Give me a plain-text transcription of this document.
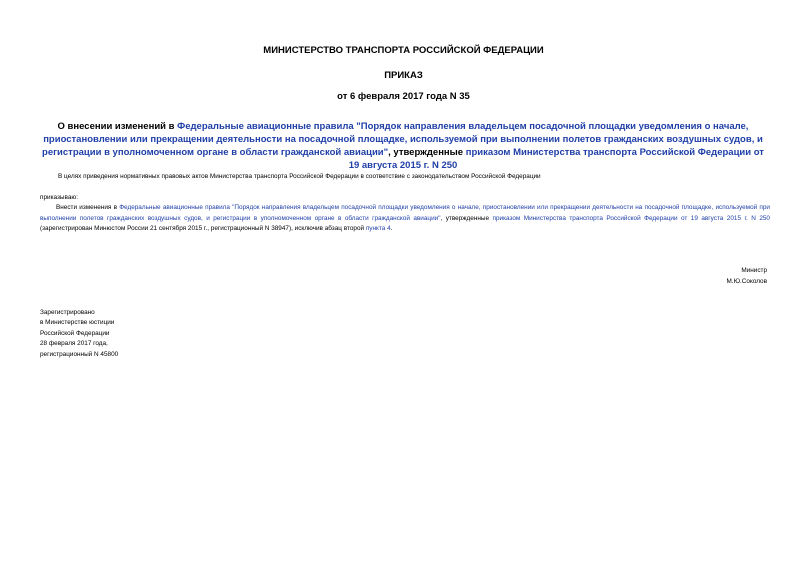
МИНИСТЕРСТВО ТРАНСПОРТА РОССИЙСКОЙ ФЕДЕРАЦИИ
ПРИКАЗ
от 6 февраля 2017 года N 35
О внесении изменений в Федеральные авиационные правила "Порядок направления владельцем посадочной площадки уведомления о начале, приостановлении или прекращении деятельности на посадочной площадке, используемой при выполнении полетов гражданских воздушных судов, и регистрации в уполномоченном органе в области гражданской авиации", утвержденные приказом Министерства транспорта Российской Федерации от 19 августа 2015 г. N 250
В целях приведения нормативных правовых актов Министерства транспорта Российской Федерации в соответствие с законодательством Российской Федерации
приказываю:
Внести изменения в Федеральные авиационные правила "Порядок направления владельцем посадочной площадки уведомления о начале, приостановлении или прекращении деятельности на посадочной площадке, используемой при выполнении полетов гражданских воздушных судов, и регистрации в уполномоченном органе в области гражданской авиации", утвержденные приказом Министерства транспорта Российской Федерации от 19 августа 2015 г. N 250 (зарегистрирован Минюстом России 21 сентября 2015 г., регистрационный N 38947), исключив абзац второй пункта 4.
Министр
М.Ю.Соколов
Зарегистрировано
в Министерстве юстиции
Российской Федерации
28 февраля 2017 года,
регистрационный N 45800
